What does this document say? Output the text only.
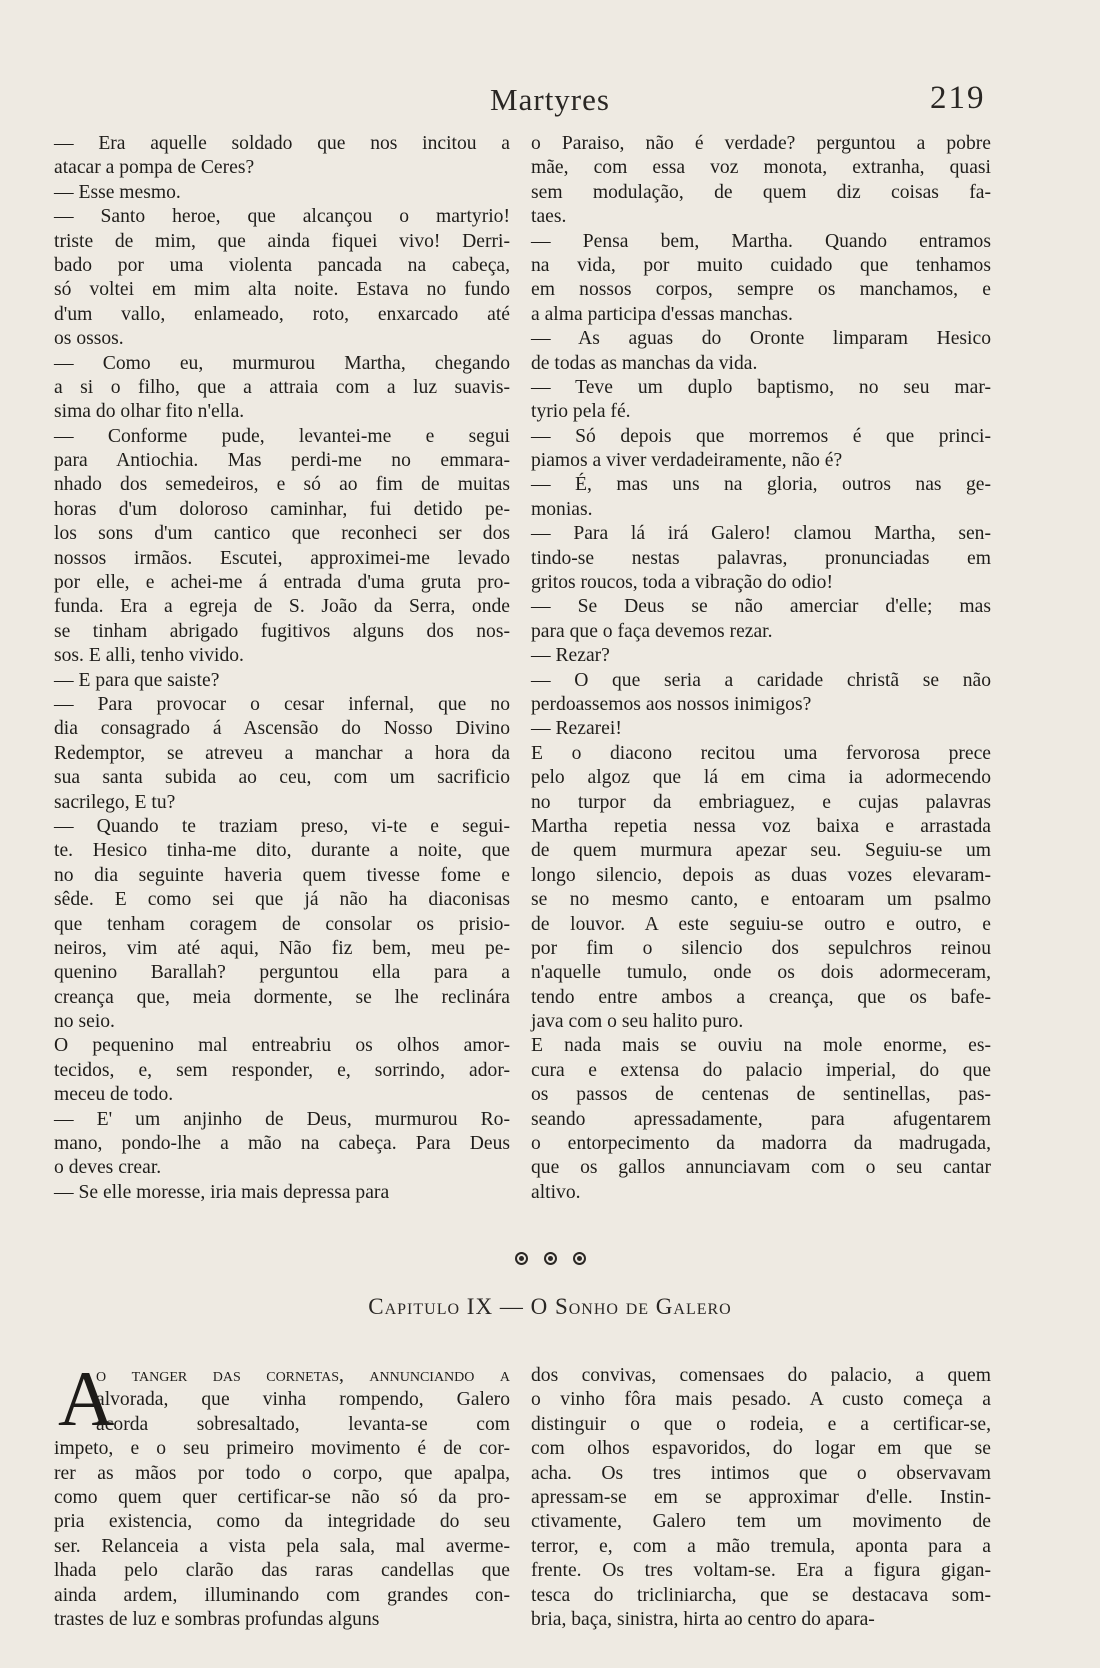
Martyres	219
— Era aquelle soldado que nos incitou a
atacar a pompa de Ceres?
— Esse mesmo.
— Santo heroe, que alcançou o martyrio!
triste de mim, que ainda fiquei vivo! Derri-
bado por uma violenta pancada na cabeça,
só voltei em mim alta noite. Estava no fundo
d'um vallo, enlameado, roto, enxarcado até
os ossos.
— Como eu, murmurou Martha, chegando
a si o filho, que a attraia com a luz suavis-
sima do olhar fito n'ella.
— Conforme pude, levantei-me e segui
para Antiochia. Mas perdi-me no emmara-
nhado dos semedeiros, e só ao fim de muitas
horas d'um doloroso caminhar, fui detido pe-
los sons d'um cantico que reconheci ser dos
nossos irmãos. Escutei, approximei-me levado
por elle, e achei-me á entrada d'uma gruta pro-
funda. Era a egreja de S. João da Serra, onde
se tinham abrigado fugitivos alguns dos nos-
sos. E alli, tenho vivido.
— E para que saiste?
— Para provocar o cesar infernal, que no
dia consagrado á Ascensão do Nosso Divino
Redemptor, se atreveu a manchar a hora da
sua santa subida ao ceu, com um sacrificio
sacrilego, E tu?
— Quando te traziam preso, vi-te e segui-
te. Hesico tinha-me dito, durante a noite, que
no dia seguinte haveria quem tivesse fome e
sêde. E como sei que já não ha diaconisas
que tenham coragem de consolar os prisio-
neiros, vim até aqui, Não fiz bem, meu pe-
quenino Barallah? perguntou ella para a
creança que, meia dormente, se lhe reclinára
no seio.
O pequenino mal entreabriu os olhos amor-
tecidos, e, sem responder, e, sorrindo, ador-
meceu de todo.
— E' um anjinho de Deus, murmurou Ro-
mano, pondo-lhe a mão na cabeça. Para Deus
o deves crear.
— Se elle moresse, iria mais depressa para
o Paraiso, não é verdade? perguntou a pobre
mãe, com essa voz monota, extranha, quasi
sem modulação, de quem diz coisas fa-
taes.
— Pensa bem, Martha. Quando entramos
na vida, por muito cuidado que tenhamos
em nossos corpos, sempre os manchamos, e
a alma participa d'essas manchas.
— As aguas do Oronte limparam Hesico
de todas as manchas da vida.
— Teve um duplo baptismo, no seu mar-
tyrio pela fé.
— Só depois que morremos é que princi-
piamos a viver verdadeiramente, não é?
— É, mas uns na gloria, outros nas ge-
monias.
— Para lá irá Galero! clamou Martha, sen-
tindo-se nestas palavras, pronunciadas em
gritos roucos, toda a vibração do odio!
— Se Deus se não amerciar d'elle; mas
para que o faça devemos rezar.
— Rezar?
— O que seria a caridade christã se não
perdoassemos aos nossos inimigos?
— Rezarei!
E o diacono recitou uma fervorosa prece
pelo algoz que lá em cima ia adormecendo
no turpor da embriaguez, e cujas palavras
Martha repetia nessa voz baixa e arrastada
de quem murmura apezar seu. Seguiu-se um
longo silencio, depois as duas vozes elevaram-
se no mesmo canto, e entoaram um psalmo
de louvor. A este seguiu-se outro e outro, e
por fim o silencio dos sepulchros reinou
n'aquelle tumulo, onde os dois adormeceram,
tendo entre ambos a creança, que os bafe-
java com o seu halito puro.
E nada mais se ouviu na mole enorme, es-
cura e extensa do palacio imperial, do que
os passos de centenas de sentinellas, pas-
seando apressadamente, para afugentarem
o entorpecimento da madorra da madrugada,
que os gallos annunciavam com o seu cantar
altivo.
Capitulo IX — O Sonho de Galero
A
o tanger das cornetas, annunciando a
alvorada, que vinha rompendo, Galero
acorda sobresaltado, levanta-se com
impeto, e o seu primeiro movimento é de cor-
rer as mãos por todo o corpo, que apalpa,
como quem quer certificar-se não só da pro-
pria existencia, como da integridade do seu
ser. Relanceia a vista pela sala, mal averme-
lhada pelo clarão das raras candellas que
ainda ardem, illuminando com grandes con-
trastes de luz e sombras profundas alguns
dos convivas, comensaes do palacio, a quem
o vinho fôra mais pesado. A custo começa a
distinguir o que o rodeia, e a certificar-se,
com olhos espavoridos, do logar em que se
acha. Os tres intimos que o observavam
apressam-se em se approximar d'elle. Instin-
ctivamente, Galero tem um movimento de
terror, e, com a mão tremula, aponta para a
frente. Os tres voltam-se. Era a figura gigan-
tesca do tricliniarcha, que se destacava som-
bria, baça, sinistra, hirta ao centro do apara-
